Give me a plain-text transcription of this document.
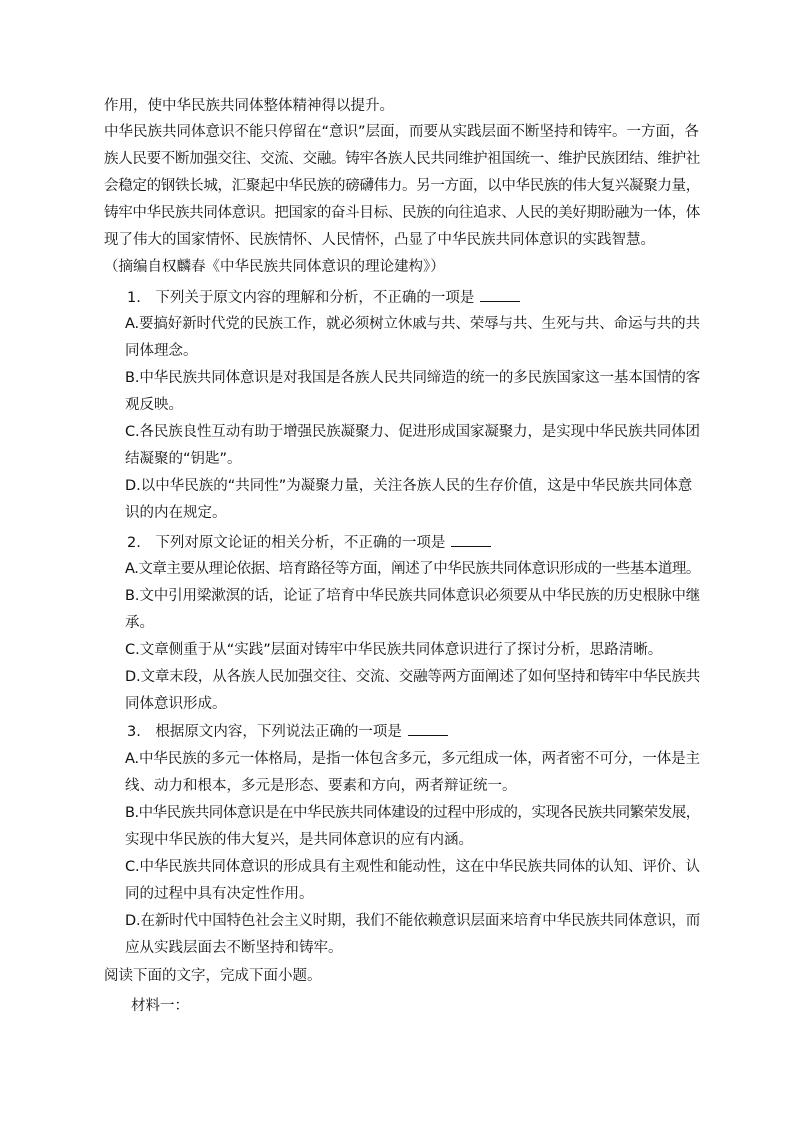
作用，使中华民族共同体整体精神得以提升。
中华民族共同体意识不能只停留在“意识”层面，而要从实践层面不断坚持和铸牢。一方面，各
族人民要不断加强交往、交流、交融。铸牢各族人民共同维护祖国统一、维护民族团结、维护社
会稳定的钢铁长城，汇聚起中华民族的磅礴伟力。另一方面，以中华民族的伟大复兴凝聚力量，
铸牢中华民族共同体意识。把国家的奋斗目标、民族的向往追求、人民的美好期盼融为一体，体
现了伟大的国家情怀、民族情怀、人民情怀，凸显了中华民族共同体意识的实践智慧。
（摘编自权麟春《中华民族共同体意识的理论建构》）
1.　下列关于原文内容的理解和分析，不正确的一项是
A.要搞好新时代党的民族工作，就必须树立休戚与共、荣辱与共、生死与共、命运与共的共
同体理念。
B.中华民族共同体意识是对我国是各族人民共同缔造的统一的多民族国家这一基本国情的客
观反映。
C.各民族良性互动有助于增强民族凝聚力、促进形成国家凝聚力，是实现中华民族共同体团
结凝聚的“钥匙”。
D.以中华民族的“共同性”为凝聚力量，关注各族人民的生存价值，这是中华民族共同体意
识的内在规定。
2.　下列对原文论证的相关分析，不正确的一项是
A.文章主要从理论依据、培育路径等方面，阐述了中华民族共同体意识形成的一些基本道理。
B.文中引用梁漱溟的话，论证了培育中华民族共同体意识必须要从中华民族的历史根脉中继
承。
C.文章侧重于从“实践”层面对铸牢中华民族共同体意识进行了探讨分析，思路清晰。
D.文章末段，从各族人民加强交往、交流、交融等两方面阐述了如何坚持和铸牢中华民族共
同体意识形成。
3.　根据原文内容，下列说法正确的一项是
A.中华民族的多元一体格局，是指一体包含多元，多元组成一体，两者密不可分，一体是主
线、动力和根本，多元是形态、要素和方向，两者辩证统一。
B.中华民族共同体意识是在中华民族共同体建设的过程中形成的，实现各民族共同繁荣发展，
实现中华民族的伟大复兴，是共同体意识的应有内涵。
C.中华民族共同体意识的形成具有主观性和能动性，这在中华民族共同体的认知、评价、认
同的过程中具有决定性作用。
D.在新时代中国特色社会主义时期，我们不能依赖意识层面来培育中华民族共同体意识，而
应从实践层面去不断坚持和铸牢。
阅读下面的文字，完成下面小题。
材料一：
